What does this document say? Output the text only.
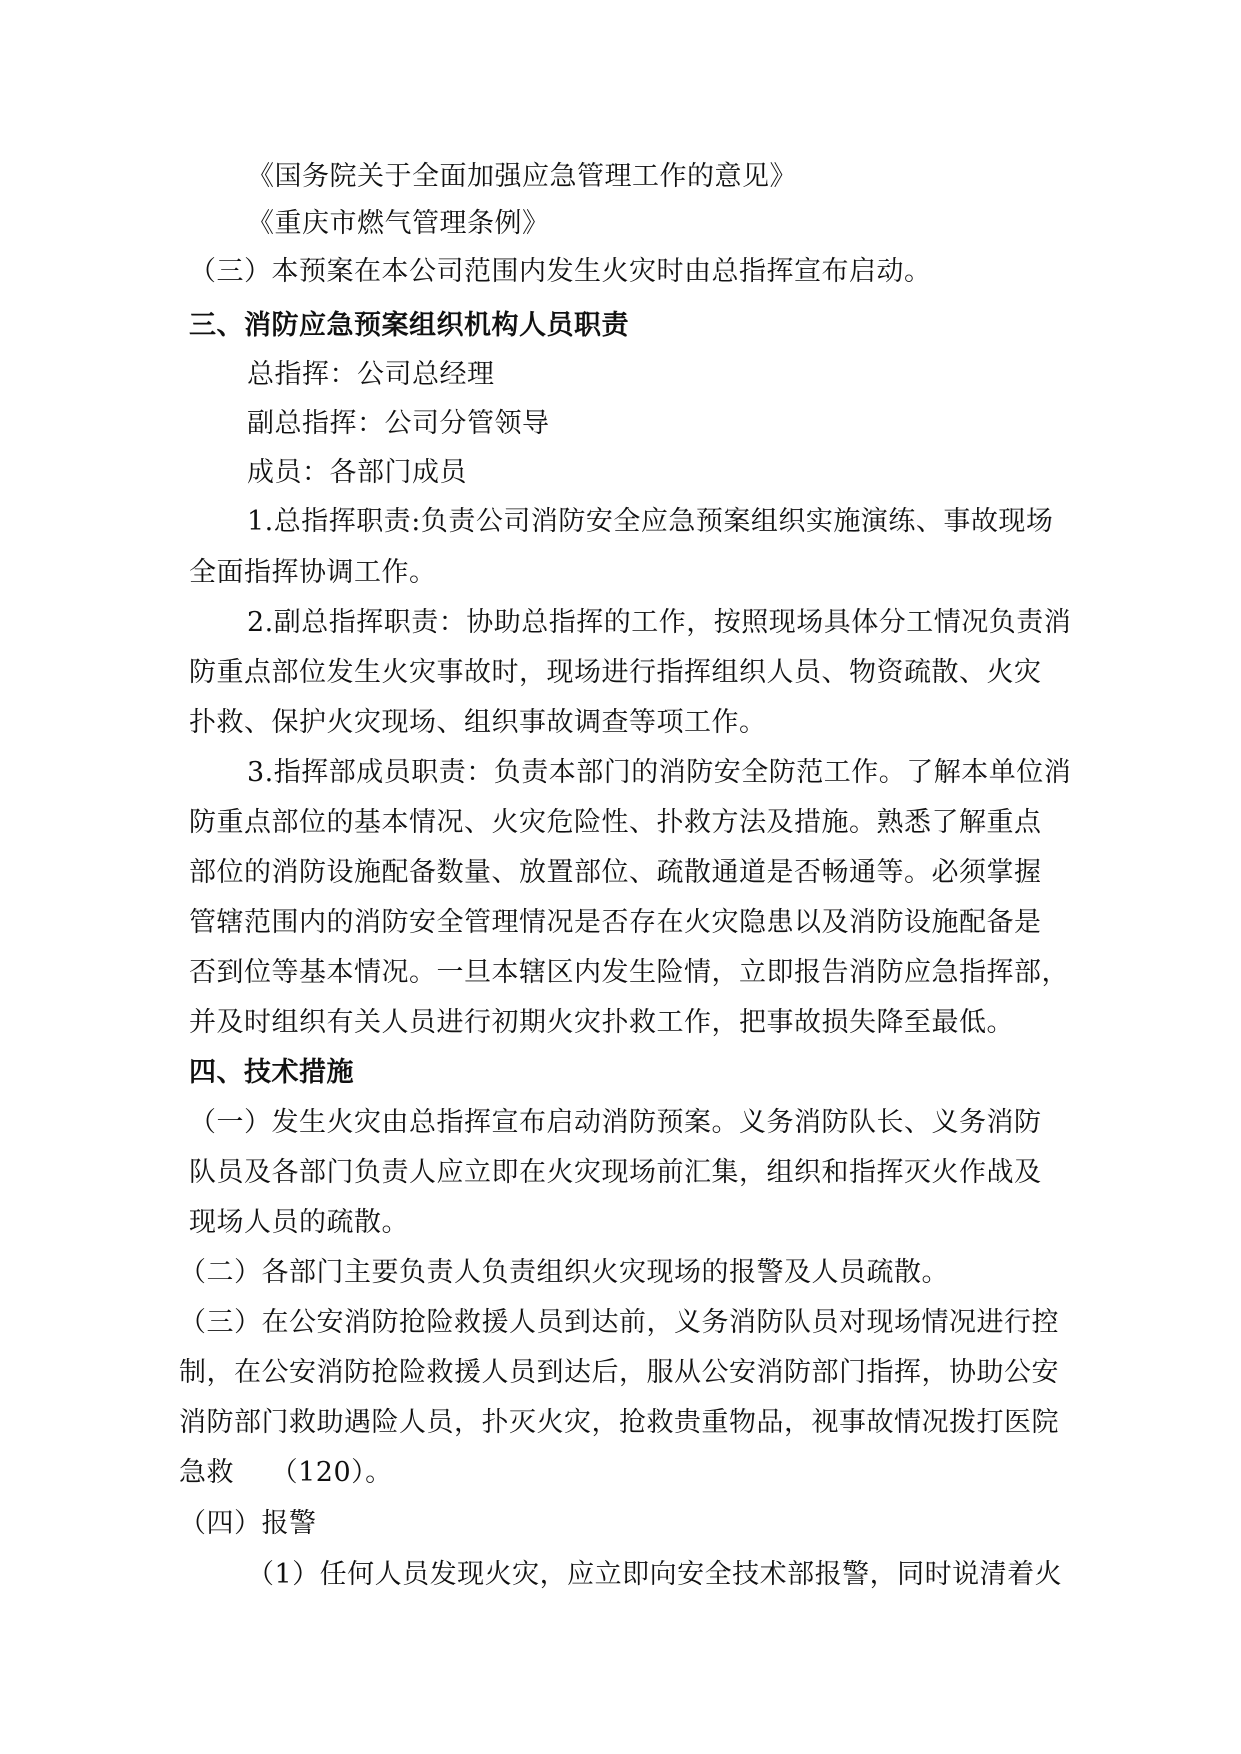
《国务院关于全面加强应急管理工作的意见》
《重庆市燃气管理条例》
（三）本预案在本公司范围内发生火灾时由总指挥宣布启动。
三、消防应急预案组织机构人员职责
总指挥：公司总经理
副总指挥：公司分管领导
成员：各部门成员
1.总指挥职责:负责公司消防安全应急预案组织实施演练、事故现场
全面指挥协调工作。
2.副总指挥职责：协助总指挥的工作，按照现场具体分工情况负责消
防重点部位发生火灾事故时，现场进行指挥组织人员、物资疏散、火灾
扑救、保护火灾现场、组织事故调查等项工作。
3.指挥部成员职责：负责本部门的消防安全防范工作。了解本单位消
防重点部位的基本情况、火灾危险性、扑救方法及措施。熟悉了解重点
部位的消防设施配备数量、放置部位、疏散通道是否畅通等。必须掌握
管辖范围内的消防安全管理情况是否存在火灾隐患以及消防设施配备是
否到位等基本情况。一旦本辖区内发生险情，立即报告消防应急指挥部，
并及时组织有关人员进行初期火灾扑救工作，把事故损失降至最低。
四、技术措施
（一）发生火灾由总指挥宣布启动消防预案。义务消防队长、义务消防
队员及各部门负责人应立即在火灾现场前汇集，组织和指挥灭火作战及
现场人员的疏散。
（二）各部门主要负责人负责组织火灾现场的报警及人员疏散。
（三）在公安消防抢险救援人员到达前，义务消防队员对现场情况进行控
制，在公安消防抢险救援人员到达后，服从公安消防部门指挥，协助公安
消防部门救助遇险人员，扑灭火灾，抢救贵重物品，视事故情况拨打医院
急救　 （120）。
（四）报警
（1）任何人员发现火灾，应立即向安全技术部报警，同时说清着火
